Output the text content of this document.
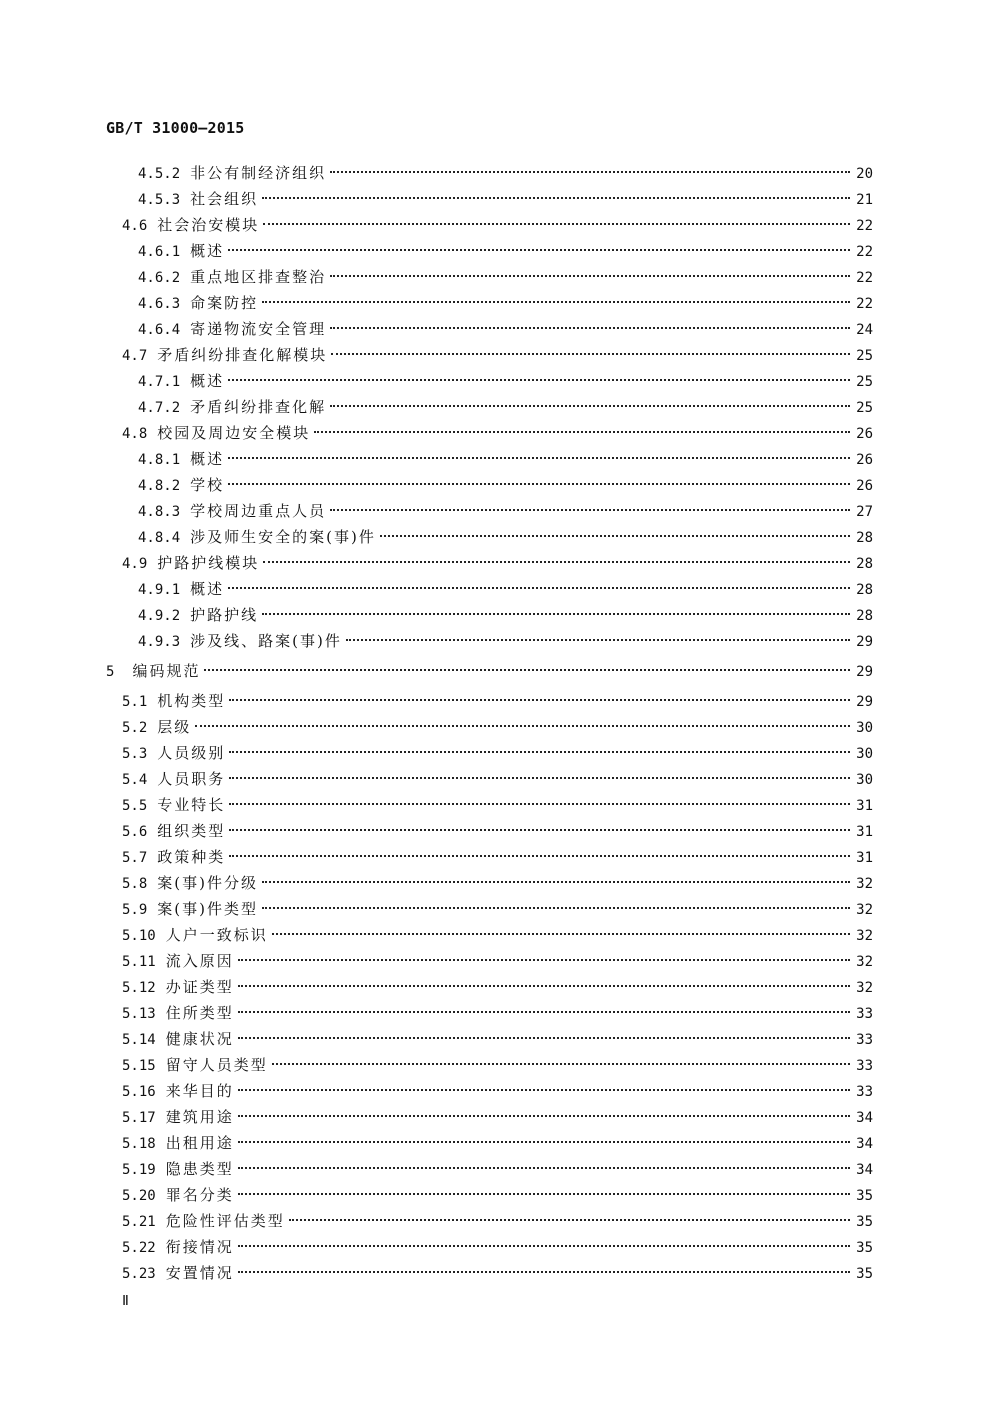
GB/T 31000—2015
4.5.2 非公有制经济组织	20
4.5.3 社会组织	21
4.6 社会治安模块	22
4.6.1 概述	22
4.6.2 重点地区排查整治	22
4.6.3 命案防控	22
4.6.4 寄递物流安全管理	24
4.7 矛盾纠纷排查化解模块	25
4.7.1 概述	25
4.7.2 矛盾纠纷排查化解	25
4.8 校园及周边安全模块	26
4.8.1 概述	26
4.8.2 学校	26
4.8.3 学校周边重点人员	27
4.8.4 涉及师生安全的案(事)件	28
4.9 护路护线模块	28
4.9.1 概述	28
4.9.2 护路护线	28
4.9.3 涉及线、路案(事)件	29
5 编码规范	29
5.1 机构类型	29
5.2 层级	30
5.3 人员级别	30
5.4 人员职务	30
5.5 专业特长	31
5.6 组织类型	31
5.7 政策种类	31
5.8 案(事)件分级	32
5.9 案(事)件类型	32
5.10 人户一致标识	32
5.11 流入原因	32
5.12 办证类型	32
5.13 住所类型	33
5.14 健康状况	33
5.15 留守人员类型	33
5.16 来华目的	33
5.17 建筑用途	34
5.18 出租用途	34
5.19 隐患类型	34
5.20 罪名分类	35
5.21 危险性评估类型	35
5.22 衔接情况	35
5.23 安置情况	35
Ⅱ
